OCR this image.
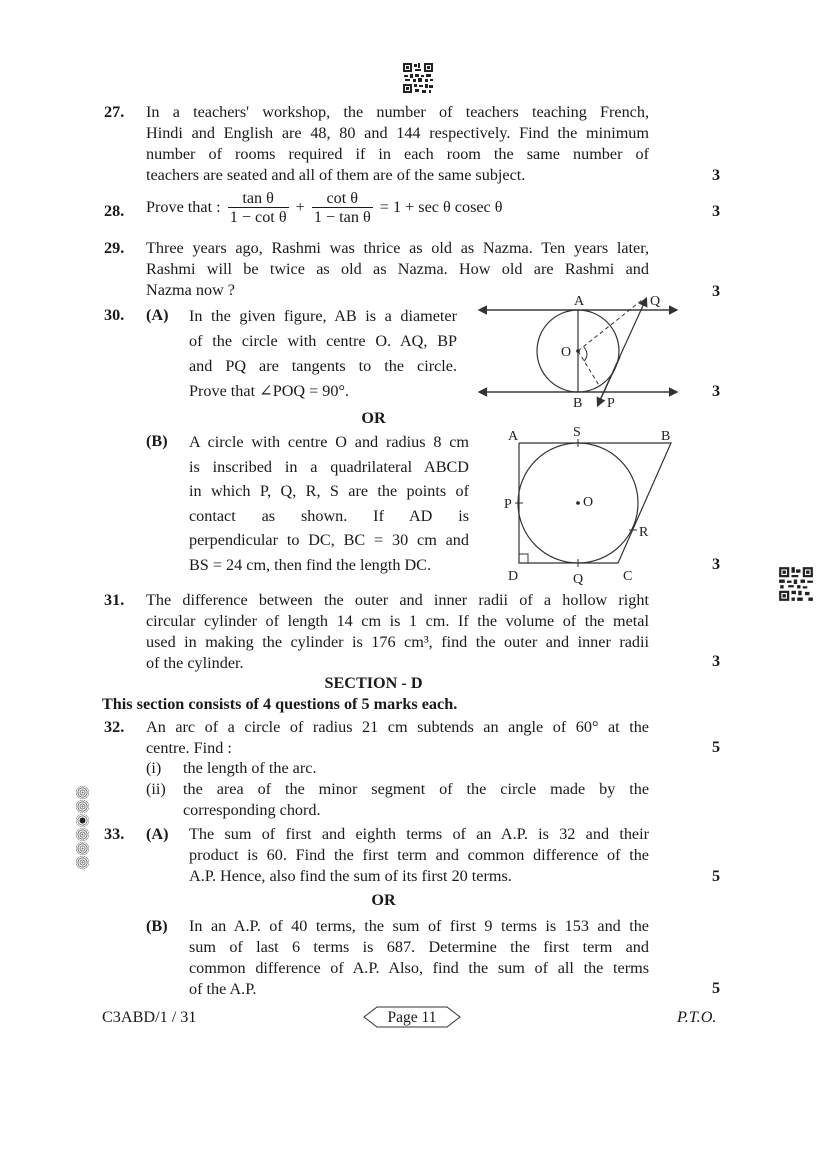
27. In a teachers' workshop, the number of teachers teaching French,
Hindi and English are 48, 80 and 144 respectively. Find the minimum
number of rooms required if in each room the same number of
teachers are seated and all of them are of the same subject.	3
28. Prove that : $\frac{\text{tan θ}}{\text{1 − cot θ}} + \frac{\text{cot θ}}{\text{1 − tan θ}} = 1 + \sec \theta$ cosec θ	3
29. Three years ago, Rashmi was thrice as old as Nazma. Ten years later,
Rashmi will be twice as old as Nazma. How old are Rashmi and
Nazma now ?	3
30. (A) In the given figure, AB is a diameter
of the circle with centre O. AQ, BP
and PQ are tangents to the circle.
Prove that ∠POQ = 90°.	3
A
B
O
P
Q
OR
(B) A circle with centre O and radius 8 cm
is inscribed in a quadrilateral ABCD
in which P, Q, R, S are the points of
contact as shown. If AD is
perpendicular to DC, BC = 30 cm and
BS = 24 cm, then find the length DC.	3
A	B
C
D
O
P
Q
R
S
31. The difference between the outer and inner radii of a hollow right
circular cylinder of length 14 cm is 1 cm. If the volume of the metal
used in making the cylinder is 176 cm³, find the outer and inner radii
of the cylinder.	3
SECTION - D
This section consists of 4 questions of 5 marks each.
32. An arc of a circle of radius 21 cm subtends an angle of 60° at the
centre. Find :	5
(i) the length of the arc.
(ii) the area of the minor segment of the circle made by the
corresponding chord.
33. (A) The sum of first and eighth terms of an A.P. is 32 and their
product is 60. Find the first term and common difference of the
A.P. Hence, also find the sum of its first 20 terms.	5
OR
(B) In an A.P. of 40 terms, the sum of first 9 terms is 153 and the
sum of last 6 terms is 687. Determine the first term and
common difference of A.P. Also, find the sum of all the terms
of the A.P.	5
C3ABD/1 / 31	Page 11	P.T.O.
